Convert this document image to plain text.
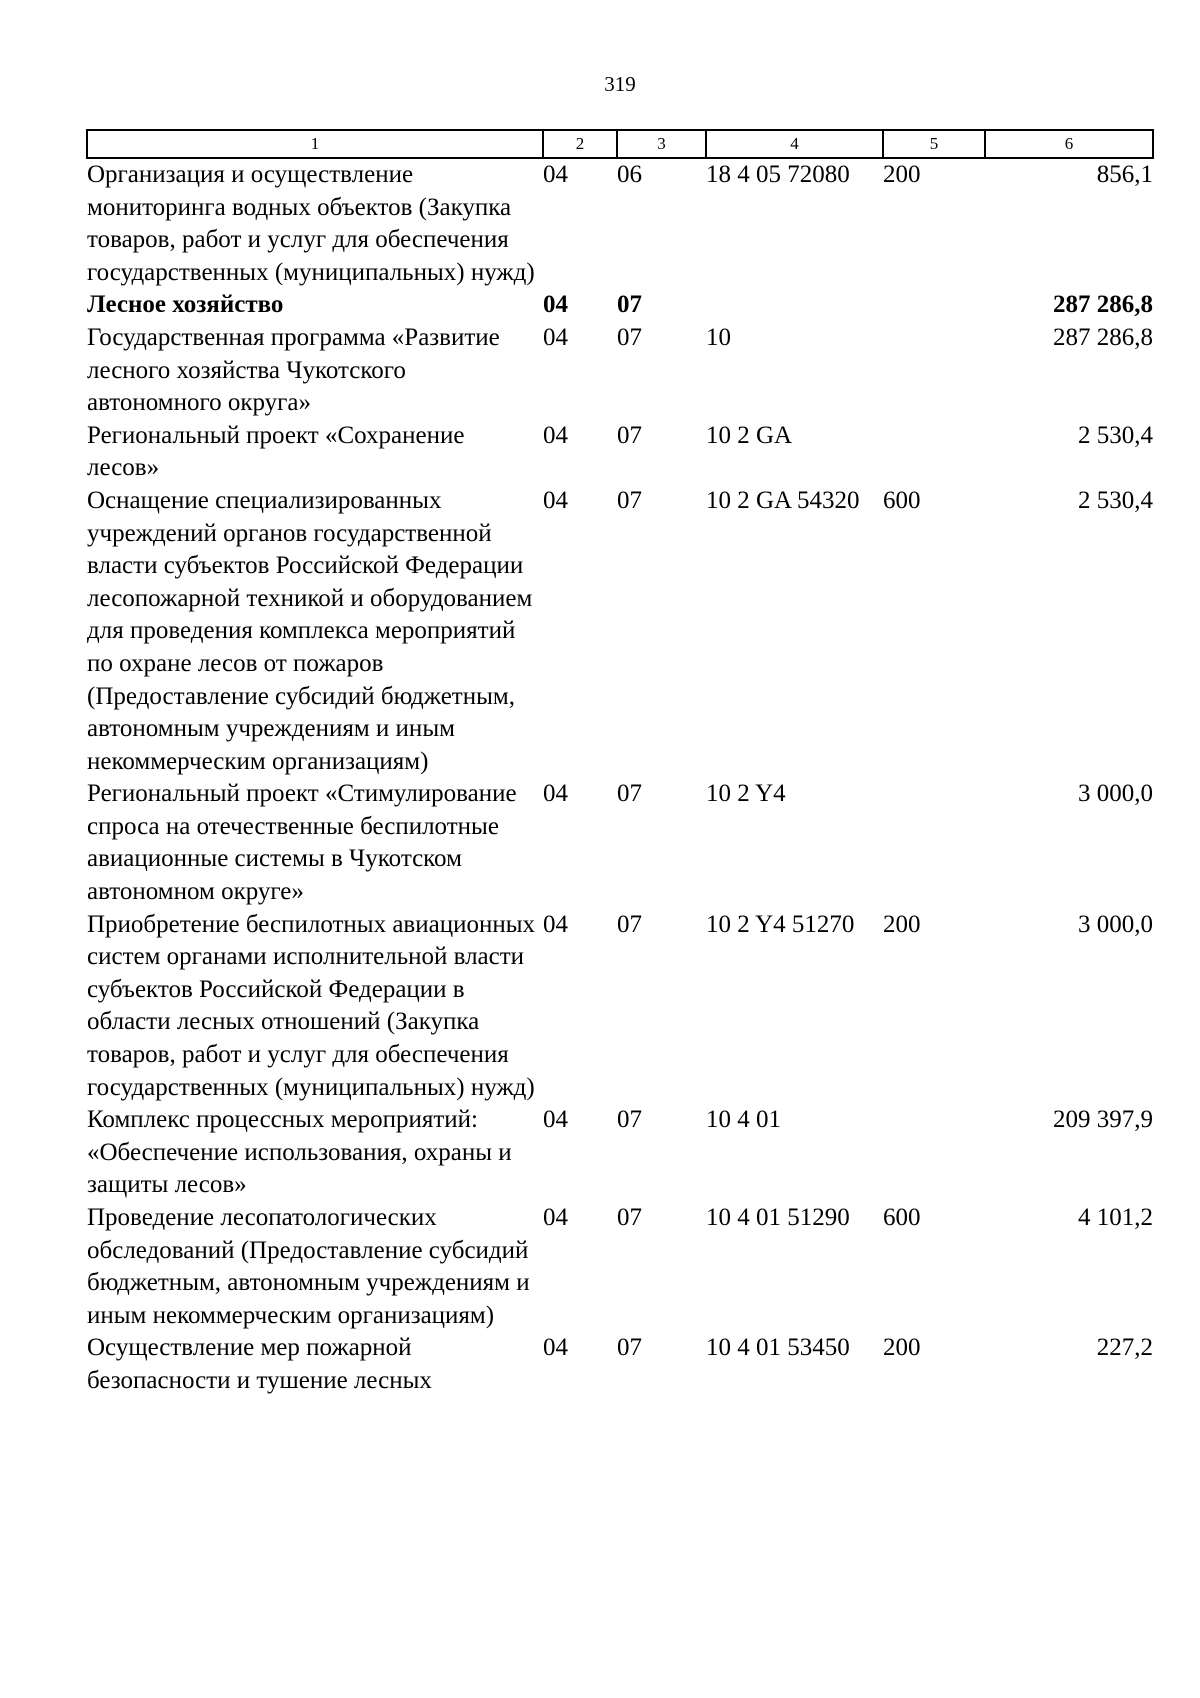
319
1	2	3	4	5	6
Организация и осуществление мониторинга водных объектов (Закупка товаров, работ и услуг для обеспечения государственных (муниципальных) нужд)	04	06	18 4 05 72080	200	856,1
Лесное хозяйство	04	07			287 286,8
Государственная программа «Развитие лесного хозяйства Чукотского автономного округа»	04	07	10		287 286,8
Региональный проект «Сохранение лесов»	04	07	10 2 GA		2 530,4
Оснащение специализированных учреждений органов государственной власти субъектов Российской Федерации лесопожарной техникой и оборудованием для проведения комплекса мероприятий по охране лесов от пожаров (Предоставление субсидий бюджетным, автономным учреждениям и иным некоммерческим организациям)	04	07	10 2 GA 54320	600	2 530,4
Региональный проект «Стимулирование спроса на отечественные беспилотные авиационные системы в Чукотском автономном округе»	04	07	10 2 Y4		3 000,0
Приобретение беспилотных авиационных систем органами исполнительной власти субъектов Российской Федерации в области лесных отношений (Закупка товаров, работ и услуг для обеспечения государственных (муниципальных) нужд)	04	07	10 2 Y4 51270	200	3 000,0
Комплекс процессных мероприятий: «Обеспечение использования, охраны и защиты лесов»	04	07	10 4 01		209 397,9
Проведение лесопатологических обследований (Предоставление субсидий бюджетным, автономным учреждениям и иным некоммерческим организациям)	04	07	10 4 01 51290	600	4 101,2
Осуществление мер пожарной безопасности и тушение лесных	04	07	10 4 01 53450	200	227,2
